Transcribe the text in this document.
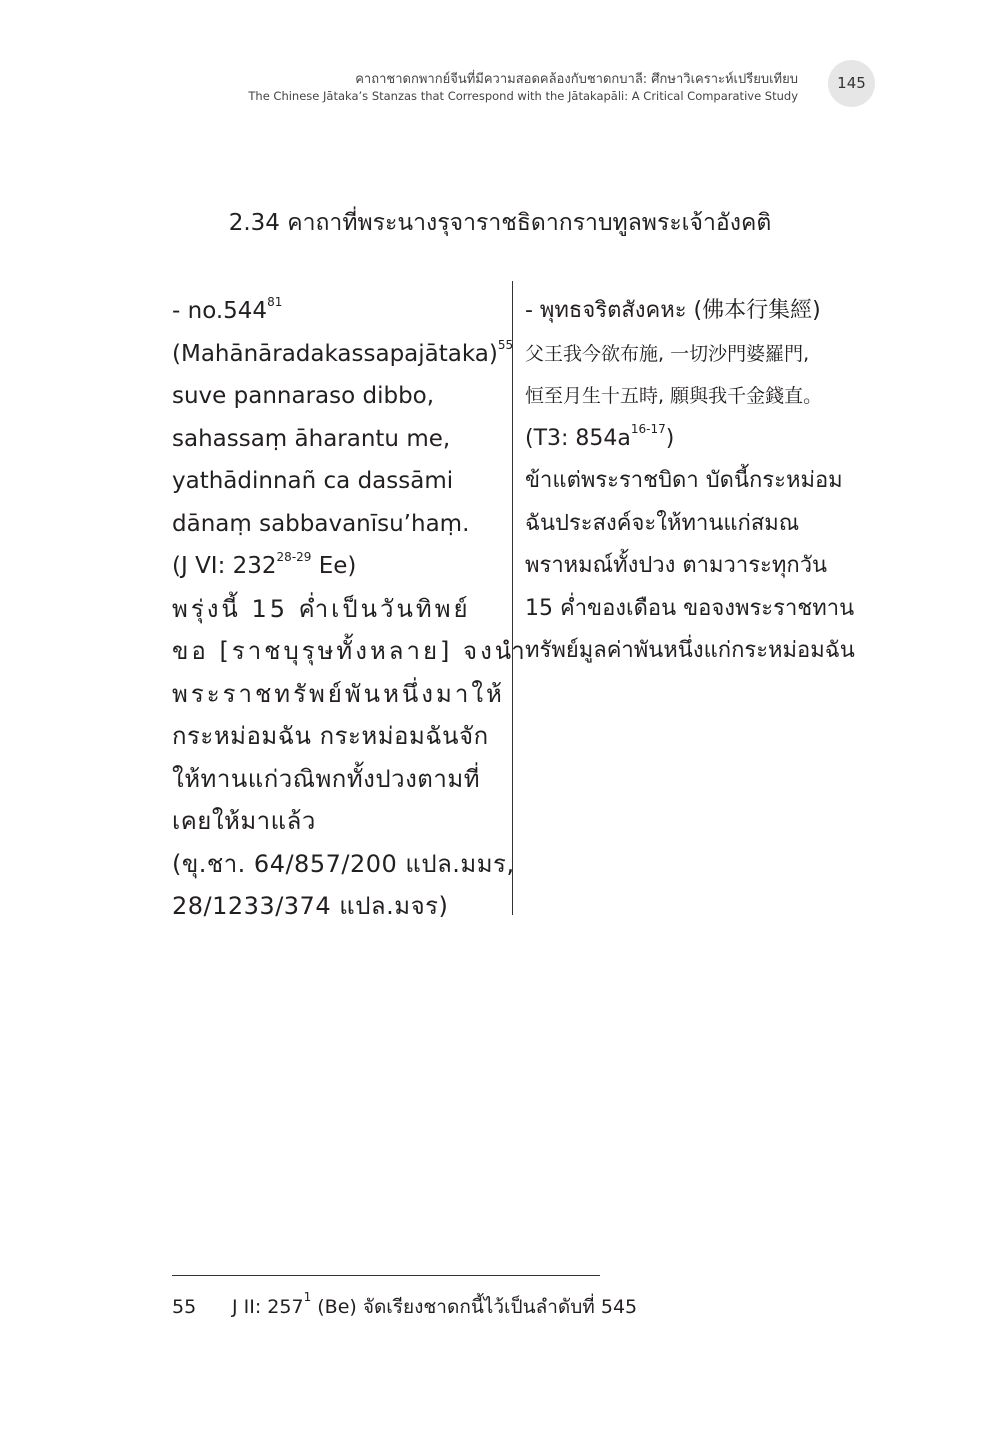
คาถาชาดกพากย์จีนที่มีความสอดคล้องกับชาดกบาลี: ศึกษาวิเคราะห์เปรียบเทียบ
The Chinese Jātaka’s Stanzas that Correspond with the Jātakapāli: A Critical Comparative Study
145
2.34 คาถาที่พระนางรุจาราชธิดากราบทูลพระเจ้าอังคติ
- no.544$^{81}$
(Mahānāradakassapajātaka)$^{55}$
suve pannaraso dibbo,
sahassaṃ āharantu me,
yathādinnañ ca dassāmi
dānaṃ sabbavanīsu’haṃ.
(J VI: 232$^{28-29}$ Ee)
พรุ่งนี้ 15 ค่ำเป็นวันทิพย์
ขอ [ราชบุรุษทั้งหลาย] จงนำ
พระราชทรัพย์พันหนึ่งมาให้
กระหม่อมฉัน กระหม่อมฉันจัก
ให้ทานแก่วณิพกทั้งปวงตามที่
เคยให้มาแล้ว
(ขุ.ชา. 64/857/200 แปล.มมร,
28/1233/374 แปล.มจร)
- พุทธจริตสังคหะ (佛本行集經)
父王我今欲布施, 一切沙門婆羅門,
恒至月生十五時, 願與我千金錢直。
(T3: $854a^{16-17}$)
ข้าแต่พระราชบิดา บัดนี้กระหม่อม
ฉันประสงค์จะให้ทานแก่สมณ
พราหมณ์ทั้งปวง ตามวาระทุกวัน
15 ค่ำของเดือน ขอจงพระราชทาน
ทรัพย์มูลค่าพันหนึ่งแก่กระหม่อมฉัน
55 J II: $257^1$ (Be) จัดเรียงชาดกนี้ไว้เป็นลำดับที่ 545
